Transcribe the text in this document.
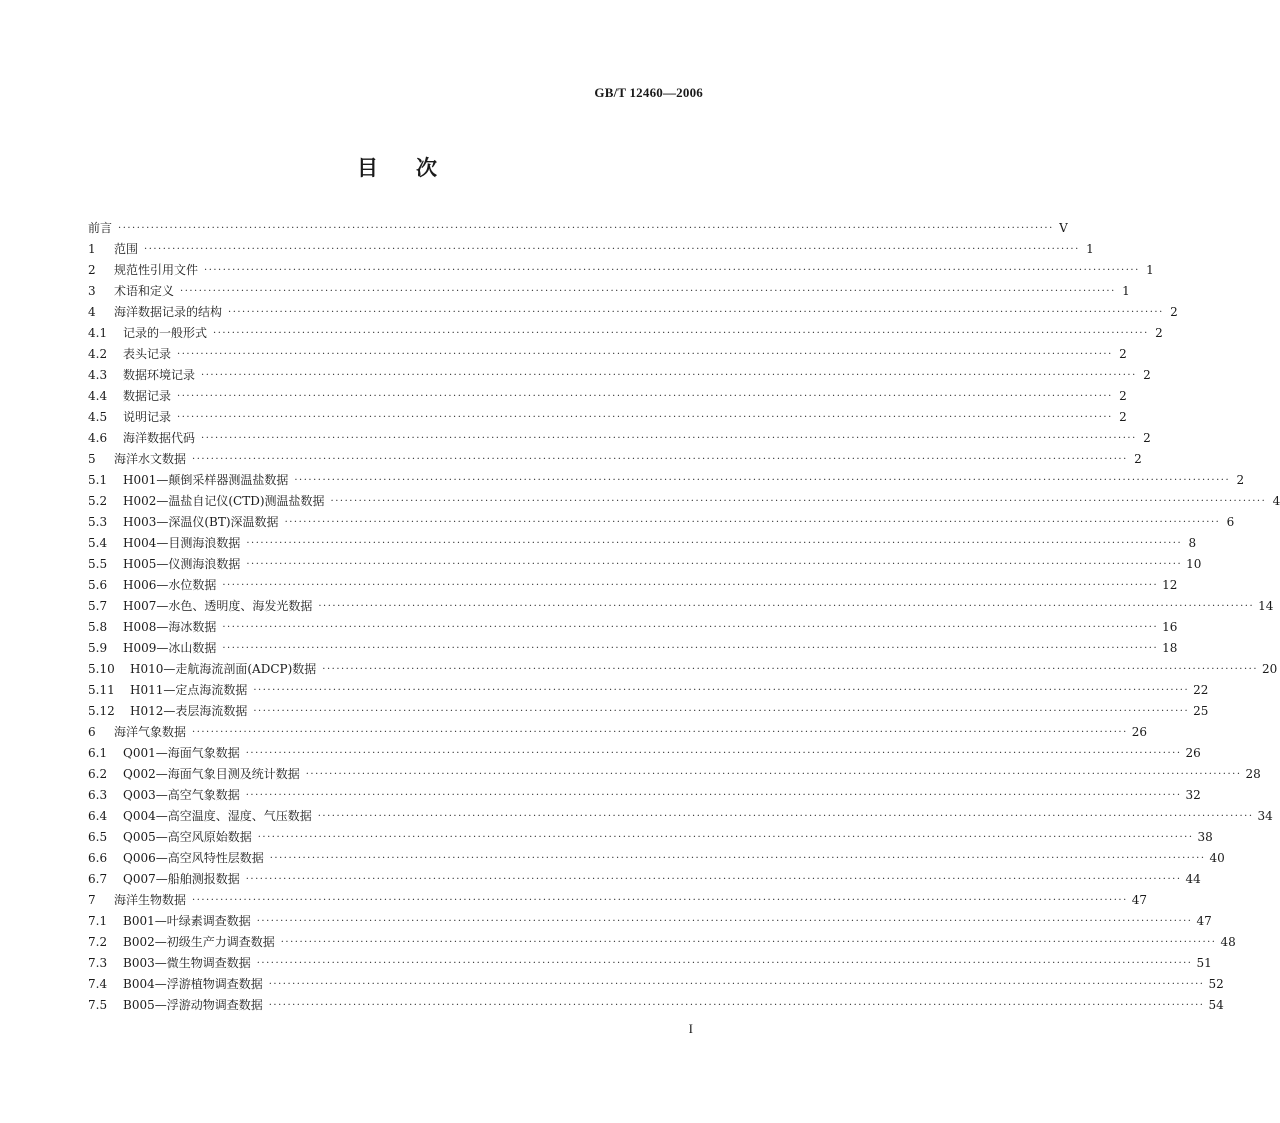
GB/T 12460—2006
目 次
前言 ········································································································································································································ Ⅴ
1	范围 ········································································································································································································ 1
2	规范性引用文件 ········································································································································································································ 1
3	术语和定义 ········································································································································································································ 1
4	海洋数据记录的结构 ········································································································································································································ 2
4.1	记录的一般形式 ········································································································································································································ 2
4.2	表头记录 ········································································································································································································ 2
4.3	数据环境记录 ········································································································································································································ 2
4.4	数据记录 ········································································································································································································ 2
4.5	说明记录 ········································································································································································································ 2
4.6	海洋数据代码 ········································································································································································································ 2
5	海洋水文数据 ········································································································································································································ 2
5.1	H001—颠倒采样器测温盐数据 ········································································································································································································ 2
5.2	H002—温盐自记仪(CTD)测温盐数据 ········································································································································································································ 4
5.3	H003—深温仪(BT)深温数据 ········································································································································································································ 6
5.4	H004—目测海浪数据 ········································································································································································································ 8
5.5	H005—仪测海浪数据 ········································································································································································································ 10
5.6	H006—水位数据 ········································································································································································································ 12
5.7	H007—水色、透明度、海发光数据 ········································································································································································································ 14
5.8	H008—海冰数据 ········································································································································································································ 16
5.9	H009—冰山数据 ········································································································································································································ 18
5.10	H010—走航海流剖面(ADCP)数据 ········································································································································································································ 20
5.11	H011—定点海流数据 ········································································································································································································ 22
5.12	H012—表层海流数据 ········································································································································································································ 25
6	海洋气象数据 ········································································································································································································ 26
6.1	Q001—海面气象数据 ········································································································································································································ 26
6.2	Q002—海面气象目测及统计数据 ········································································································································································································ 28
6.3	Q003—高空气象数据 ········································································································································································································ 32
6.4	Q004—高空温度、湿度、气压数据 ········································································································································································································ 34
6.5	Q005—高空风原始数据 ········································································································································································································ 38
6.6	Q006—高空风特性层数据 ········································································································································································································ 40
6.7	Q007—船舶测报数据 ········································································································································································································ 44
7	海洋生物数据 ········································································································································································································ 47
7.1	B001—叶绿素调查数据 ········································································································································································································ 47
7.2	B002—初级生产力调查数据 ········································································································································································································ 48
7.3	B003—微生物调查数据 ········································································································································································································ 51
7.4	B004—浮游植物调查数据 ········································································································································································································ 52
7.5	B005—浮游动物调查数据 ········································································································································································································ 54
I
